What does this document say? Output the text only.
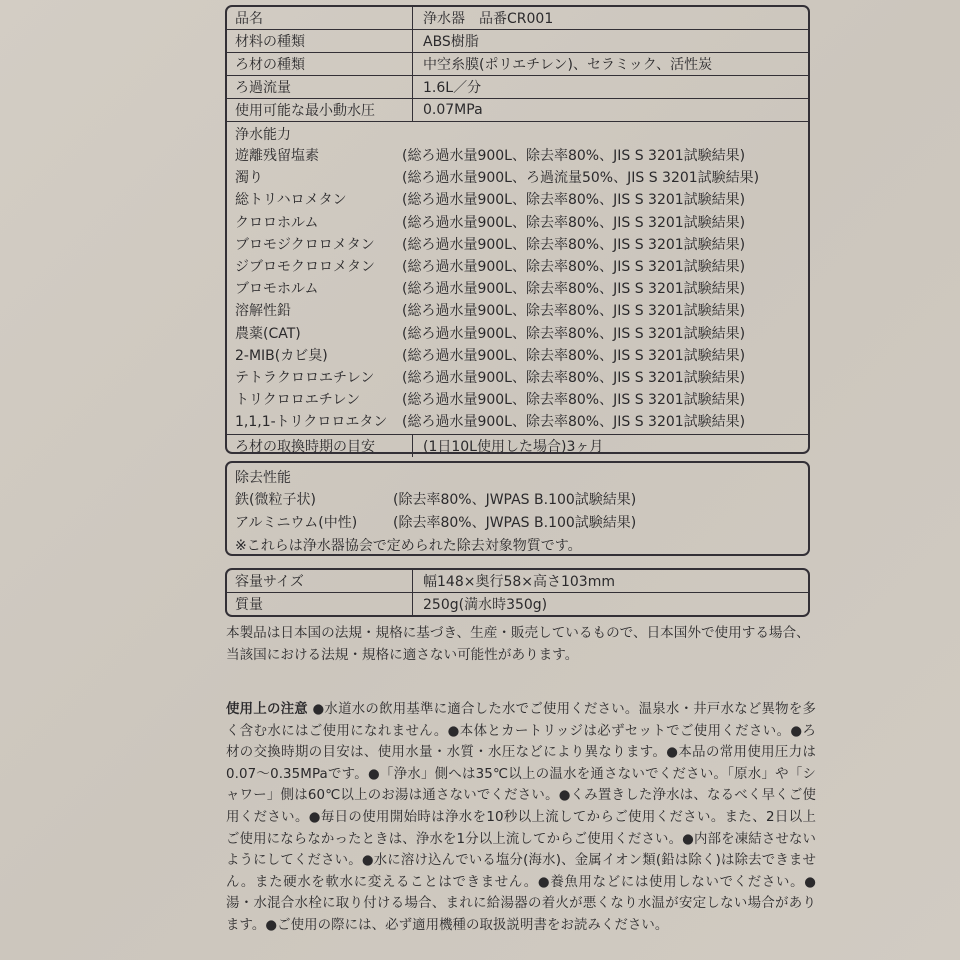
品名	浄水器　品番CR001
材料の種類	ABS樹脂
ろ材の種類	中空糸膜(ポリエチレン)、セラミック、活性炭
ろ過流量	1.6L／分
使用可能な最小動水圧	0.07MPa
浄水能力
遊離残留塩素	(総ろ過水量900L、除去率80%、JIS S 3201試験結果)
濁り	(総ろ過水量900L、ろ過流量50%、JIS S 3201試験結果)
総トリハロメタン	(総ろ過水量900L、除去率80%、JIS S 3201試験結果)
クロロホルム	(総ろ過水量900L、除去率80%、JIS S 3201試験結果)
ブロモジクロロメタン	(総ろ過水量900L、除去率80%、JIS S 3201試験結果)
ジブロモクロロメタン	(総ろ過水量900L、除去率80%、JIS S 3201試験結果)
ブロモホルム	(総ろ過水量900L、除去率80%、JIS S 3201試験結果)
溶解性鉛	(総ろ過水量900L、除去率80%、JIS S 3201試験結果)
農薬(CAT)	(総ろ過水量900L、除去率80%、JIS S 3201試験結果)
2-MIB(カビ臭)	(総ろ過水量900L、除去率80%、JIS S 3201試験結果)
テトラクロロエチレン	(総ろ過水量900L、除去率80%、JIS S 3201試験結果)
トリクロロエチレン	(総ろ過水量900L、除去率80%、JIS S 3201試験結果)
1,1,1-トリクロロエタン	(総ろ過水量900L、除去率80%、JIS S 3201試験結果)
ろ材の取換時期の目安	(1日10L使用した場合)3ヶ月
除去性能
鉄(微粒子状)	(除去率80%、JWPAS B.100試験結果)
アルミニウム(中性)	(除去率80%、JWPAS B.100試験結果)
※これらは浄水器協会で定められた除去対象物質です。
容量サイズ	幅148×奥行58×高さ103mm
質量	250g(満水時350g)
本製品は日本国の法規・規格に基づき、生産・販売しているもので、日本国外で使用する場合、当該国における法規・規格に適さない可能性があります。
使用上の注意 ●水道水の飲用基準に適合した水でご使用ください。温泉水・井戸水など異物を多く含む水にはご使用になれません。●本体とカートリッジは必ずセットでご使用ください。●ろ材の交換時期の目安は、使用水量・水質・水圧などにより異なります。●本品の常用使用圧力は0.07～0.35MPaです。●「浄水」側へは35℃以上の温水を通さないでください。「原水」や「シャワー」側は60℃以上のお湯は通さないでください。●くみ置きした浄水は、なるべく早くご使用ください。●毎日の使用開始時は浄水を10秒以上流してからご使用ください。また、2日以上ご使用にならなかったときは、浄水を1分以上流してからご使用ください。●内部を凍結させないようにしてください。●水に溶け込んでいる塩分(海水)、金属イオン類(鉛は除く)は除去できません。また硬水を軟水に変えることはできません。●養魚用などには使用しないでください。●湯・水混合水栓に取り付ける場合、まれに給湯器の着火が悪くなり水温が安定しない場合があります。●ご使用の際には、必ず適用機種の取扱説明書をお読みください。
